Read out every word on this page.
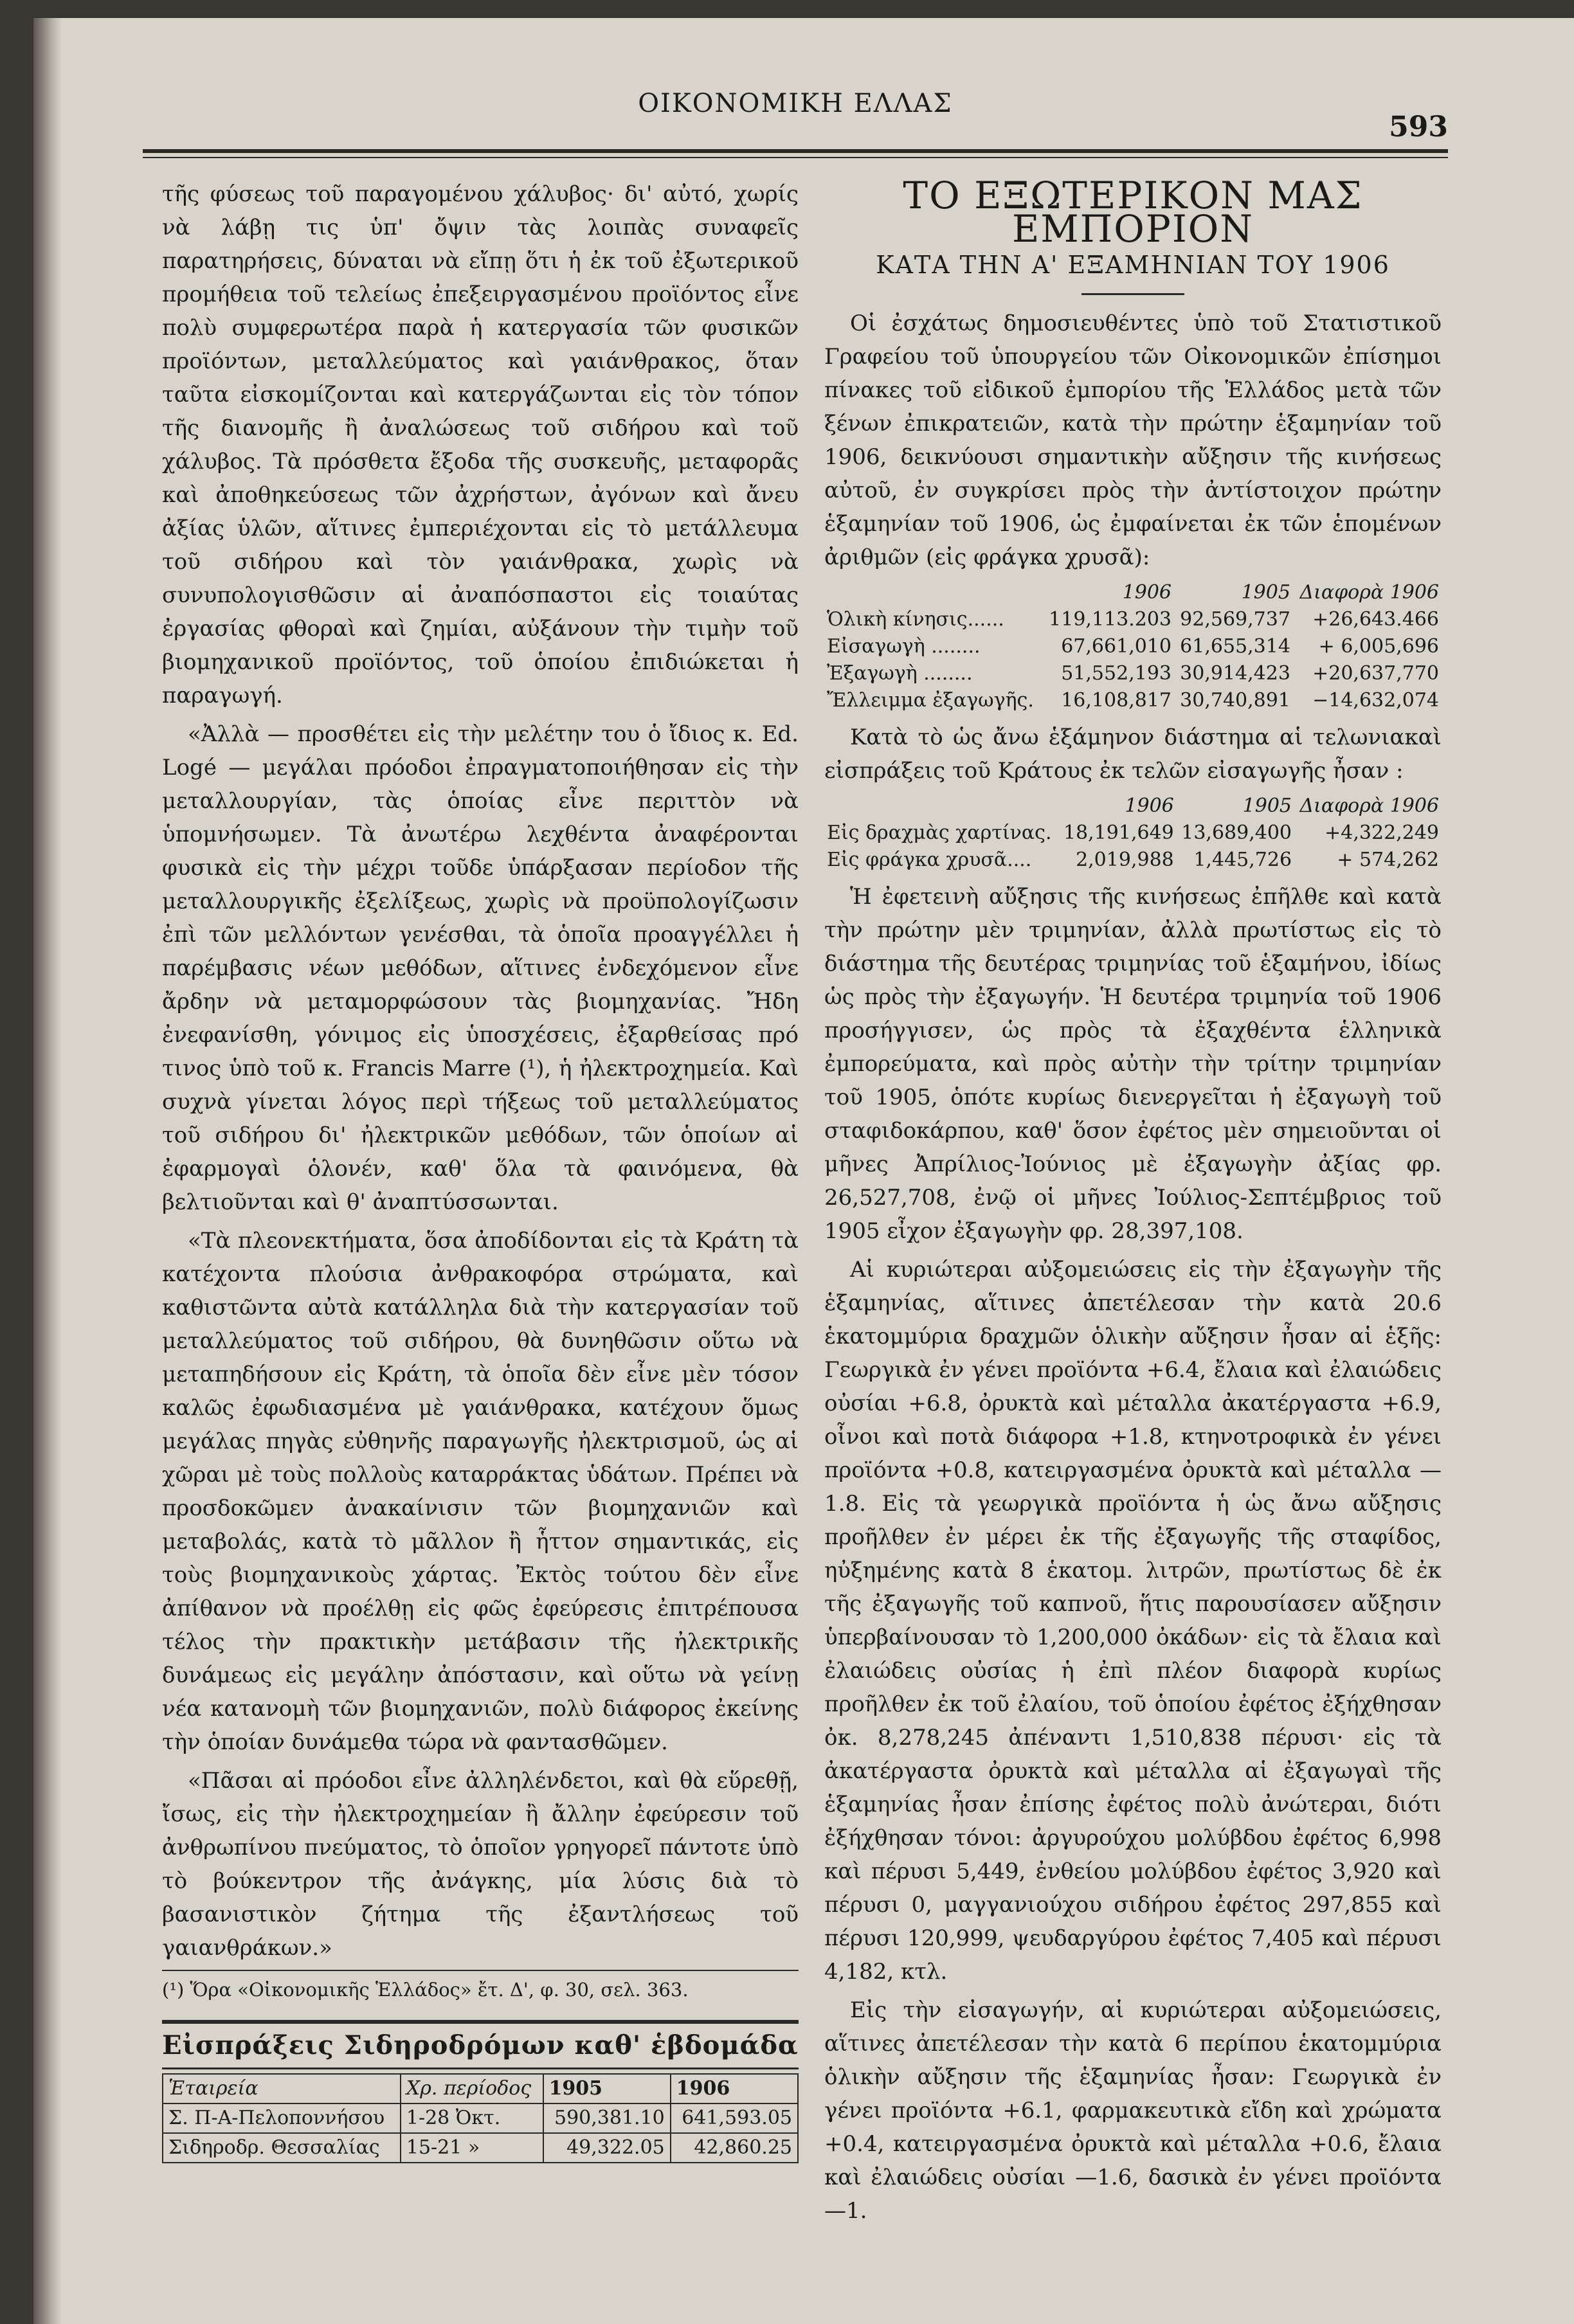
ΟΙΚΟΝΟΜΙΚΗ ΕΛΛΑΣ
593

τῆς φύσεως τοῦ παραγομένου χάλυβος· δι' αὐτό, χωρίς νὰ λάβῃ τις ὑπ' ὄψιν τὰς λοιπὰς συναφεῖς παρατηρήσεις, δύναται νὰ εἴπῃ ὅτι ἡ ἐκ τοῦ ἐξωτερικοῦ προμήθεια τοῦ τελείως ἐπεξειργασμένου προϊόντος εἶνε πολὺ συμφερωτέρα παρὰ ἡ κατεργασία τῶν φυσικῶν προϊόντων, μεταλλεύματος καὶ γαιάνθρακος, ὅταν ταῦτα εἰσκομίζονται καὶ κατεργάζωνται εἰς τὸν τόπον τῆς διανομῆς ἢ ἀναλώσεως τοῦ σιδήρου καὶ τοῦ χάλυβος. Τὰ πρόσθετα ἔξοδα τῆς συσκευῆς, μεταφορᾶς καὶ ἀποθηκεύσεως τῶν ἀχρήστων, ἀγόνων καὶ ἄνευ ἀξίας ὑλῶν, αἵτινες ἐμπεριέχονται εἰς τὸ μετάλλευμα τοῦ σιδήρου καὶ τὸν γαιάνθρακα, χωρὶς νὰ συνυπολογισθῶσιν αἱ ἀναπόσπαστοι εἰς τοιαύτας ἐργασίας φθοραὶ καὶ ζημίαι, αὐξάνουν τὴν τιμὴν τοῦ βιομηχανικοῦ προϊόντος, τοῦ ὁποίου ἐπιδιώκεται ἡ παραγωγή.

«Ἀλλὰ — προσθέτει εἰς τὴν μελέτην του ὁ ἴδιος κ. Ed. Logé — μεγάλαι πρόοδοι ἐπραγματοποιήθησαν εἰς τὴν μεταλλουργίαν, τὰς ὁποίας εἶνε περιττὸν νὰ ὑπομνήσωμεν. Τὰ ἀνωτέρω λεχθέντα ἀναφέρονται φυσικὰ εἰς τὴν μέχρι τοῦδε ὑπάρξασαν περίοδον τῆς μεταλλουργικῆς ἐξελίξεως, χωρὶς νὰ προϋπολογίζωσιν ἐπὶ τῶν μελλόντων γενέσθαι, τὰ ὁποῖα προαγγέλλει ἡ παρέμβασις νέων μεθόδων, αἵτινες ἐνδεχόμενον εἶνε ἄρδην νὰ μεταμορφώσουν τὰς βιομηχανίας. Ἤδη ἐνεφανίσθη, γόνιμος εἰς ὑποσχέσεις, ἐξαρθείσας πρό τινος ὑπὸ τοῦ κ. Francis Marre (¹), ἡ ἠλεκτροχημεία. Καὶ συχνὰ γίνεται λόγος περὶ τήξεως τοῦ μεταλλεύματος τοῦ σιδήρου δι' ἠλεκτρικῶν μεθόδων, τῶν ὁποίων αἱ ἐφαρμογαὶ ὁλονέν, καθ' ὅλα τὰ φαινόμενα, θὰ βελτιοῦνται καὶ θ' ἀναπτύσσωνται.

«Τὰ πλεονεκτήματα, ὅσα ἀποδίδονται εἰς τὰ Κράτη τὰ κατέχοντα πλούσια ἀνθρακοφόρα στρώματα, καὶ καθιστῶντα αὐτὰ κατάλληλα διὰ τὴν κατεργασίαν τοῦ μεταλλεύματος τοῦ σιδήρου, θὰ δυνηθῶσιν οὕτω νὰ μεταπηδήσουν εἰς Κράτη, τὰ ὁποῖα δὲν εἶνε μὲν τόσον καλῶς ἐφωδιασμένα μὲ γαιάνθρακα, κατέχουν ὅμως μεγάλας πηγὰς εὐθηνῆς παραγωγῆς ἠλεκτρισμοῦ, ὡς αἱ χῶραι μὲ τοὺς πολλοὺς καταρράκτας ὑδάτων. Πρέπει νὰ προσδοκῶμεν ἀνακαίνισιν τῶν βιομηχανιῶν καὶ μεταβολάς, κατὰ τὸ μᾶλλον ἢ ἧττον σημαντικάς, εἰς τοὺς βιομηχανικοὺς χάρτας. Ἐκτὸς τούτου δὲν εἶνε ἀπίθανον νὰ προέλθῃ εἰς φῶς ἐφεύρεσις ἐπιτρέπουσα τέλος τὴν πρακτικὴν μετάβασιν τῆς ἠλεκτρικῆς δυνάμεως εἰς μεγάλην ἀπόστασιν, καὶ οὕτω νὰ γείνῃ νέα κατανομὴ τῶν βιομηχανιῶν, πολὺ διάφορος ἐκείνης τὴν ὁποίαν δυνάμεθα τώρα νὰ φαντασθῶμεν.

«Πᾶσαι αἱ πρόοδοι εἶνε ἀλληλένδετοι, καὶ θὰ εὕρεθῇ, ἴσως, εἰς τὴν ἠλεκτροχημείαν ἢ ἄλλην ἐφεύρεσιν τοῦ ἀνθρωπίνου πνεύματος, τὸ ὁποῖον γρηγορεῖ πάντοτε ὑπὸ τὸ βούκεντρον τῆς ἀνάγκης, μία λύσις διὰ τὸ βασανιστικὸν ζήτημα τῆς ἐξαντλήσεως τοῦ γαιανθράκων.»

(¹) Ὅρα «Οἰκονομικῆς Ἑλλάδος» ἔτ. Δ', φ. 30, σελ. 363.

Εἰσπράξεις Σιδηροδρόμων καθ' ἑβδομάδα
Ἑταιρεία	Χρ. περίοδος	1905	1906
Σ. Π-Α-Πελοποννήσου	1-28 Ὀκτ.	590,381.10	641,593.05
Σιδηροδρ. Θεσσαλίας	15-21 »	49,322.05	42,860.25
ΤΟ ΕΞΩΤΕΡΙΚΟΝ ΜΑΣ ΕΜΠΟΡΙΟΝ
ΚΑΤΑ ΤΗΝ Α' ΕΞΑΜΗΝΙΑΝ ΤΟΥ 1906

Οἱ ἐσχάτως δημοσιευθέντες ὑπὸ τοῦ Στατιστικοῦ Γραφείου τοῦ ὑπουργείου τῶν Οἰκονομικῶν ἐπίσημοι πίνακες τοῦ εἰδικοῦ ἐμπορίου τῆς Ἑλλάδος μετὰ τῶν ξένων ἐπικρατειῶν, κατὰ τὴν πρώτην ἑξαμηνίαν τοῦ 1906, δεικνύουσι σημαντικὴν αὔξησιν τῆς κινήσεως αὐτοῦ, ἐν συγκρίσει πρὸς τὴν ἀντίστοιχον πρώτην ἑξαμηνίαν τοῦ 1906, ὡς ἐμφαίνεται ἐκ τῶν ἑπομένων ἀριθμῶν (εἰς φράγκα χρυσᾶ):

	1906	1905	Διαφορὰ 1906
Ὁλικὴ κίνησις......	119,113.203	92,569,737	+26,643.466
Εἰσαγωγὴ ........	67,661,010	61,655,314	+ 6,005,696
Ἐξαγωγὴ ........	51,552,193	30,914,423	+20,637,770
Ἔλλειμμα ἐξαγωγῆς.	16,108,817	30,740,891	−14,632,074

Κατὰ τὸ ὡς ἄνω ἑξάμηνον διάστημα αἱ τελωνιακαὶ εἰσπράξεις τοῦ Κράτους ἐκ τελῶν εἰσαγωγῆς ἦσαν :

	1906	1905	Διαφορὰ 1906
Εἰς δραχμὰς χαρτίνας.	18,191,649	13,689,400	+4,322,249
Εἰς φράγκα χρυσᾶ....	2,019,988	1,445,726	+ 574,262

Ἡ ἐφετεινὴ αὔξησις τῆς κινήσεως ἐπῆλθε καὶ κατὰ τὴν πρώτην μὲν τριμηνίαν, ἀλλὰ πρωτίστως εἰς τὸ διάστημα τῆς δευτέρας τριμηνίας τοῦ ἑξαμήνου, ἰδίως ὡς πρὸς τὴν ἐξαγωγήν. Ἡ δευτέρα τριμηνία τοῦ 1906 προσήγγισεν, ὡς πρὸς τὰ ἐξαχθέντα ἑλληνικὰ ἐμπορεύματα, καὶ πρὸς αὐτὴν τὴν τρίτην τριμηνίαν τοῦ 1905, ὁπότε κυρίως διενεργεῖται ἡ ἐξαγωγὴ τοῦ σταφιδοκάρπου, καθ' ὅσον ἐφέτος μὲν σημειοῦνται οἱ μῆνες Ἀπρίλιος-Ἰούνιος μὲ ἐξαγωγὴν ἀξίας φρ. 26,527,708, ἐνῷ οἱ μῆνες Ἰούλιος-Σεπτέμβριος τοῦ 1905 εἶχον ἐξαγωγὴν φρ. 28,397,108.

Αἱ κυριώτεραι αὐξομειώσεις εἰς τὴν ἐξαγωγὴν τῆς ἑξαμηνίας, αἵτινες ἀπετέλεσαν τὴν κατὰ 20.6 ἑκατομμύρια δραχμῶν ὁλικὴν αὔξησιν ἦσαν αἱ ἑξῆς: Γεωργικὰ ἐν γένει προϊόντα +6.4, ἔλαια καὶ ἐλαιώδεις οὐσίαι +6.8, ὀρυκτὰ καὶ μέταλλα ἀκατέργαστα +6.9, οἶνοι καὶ ποτὰ διάφορα +1.8, κτηνοτροφικὰ ἐν γένει προϊόντα +0.8, κατειργασμένα ὀρυκτὰ καὶ μέταλλα —1.8. Εἰς τὰ γεωργικὰ προϊόντα ἡ ὡς ἄνω αὔξησις προῆλθεν ἐν μέρει ἐκ τῆς ἐξαγωγῆς τῆς σταφίδος, ηὐξημένης κατὰ 8 ἑκατομ. λιτρῶν, πρωτίστως δὲ ἐκ τῆς ἐξαγωγῆς τοῦ καπνοῦ, ἥτις παρουσίασεν αὔξησιν ὑπερβαίνουσαν τὸ 1,200,000 ὀκάδων· εἰς τὰ ἔλαια καὶ ἐλαιώδεις οὐσίας ἡ ἐπὶ πλέον διαφορὰ κυρίως προῆλθεν ἐκ τοῦ ἐλαίου, τοῦ ὁποίου ἐφέτος ἐξήχθησαν ὀκ. 8,278,245 ἀπέναντι 1,510,838 πέρυσι· εἰς τὰ ἀκατέργαστα ὀρυκτὰ καὶ μέταλλα αἱ ἐξαγωγαὶ τῆς ἑξαμηνίας ἦσαν ἐπίσης ἐφέτος πολὺ ἀνώτεραι, διότι ἐξήχθησαν τόνοι: ἀργυρούχου μολύβδου ἐφέτος 6,998 καὶ πέρυσι 5,449, ἐνθείου μολύβδου ἐφέτος 3,920 καὶ πέρυσι 0, μαγγανιούχου σιδήρου ἐφέτος 297,855 καὶ πέρυσι 120,999, ψευδαργύρου ἐφέτος 7,405 καὶ πέρυσι 4,182, κτλ.

Εἰς τὴν εἰσαγωγήν, αἱ κυριώτεραι αὐξομειώσεις, αἵτινες ἀπετέλεσαν τὴν κατὰ 6 περίπου ἑκατομμύρια ὁλικὴν αὔξησιν τῆς ἑξαμηνίας ἦσαν: Γεωργικὰ ἐν γένει προϊόντα +6.1, φαρμακευτικὰ εἴδη καὶ χρώματα +0.4, κατειργασμένα ὀρυκτὰ καὶ μέταλλα +0.6, ἔλαια καὶ ἐλαιώδεις οὐσίαι —1.6, δασικὰ ἐν γένει προϊόντα —1.
